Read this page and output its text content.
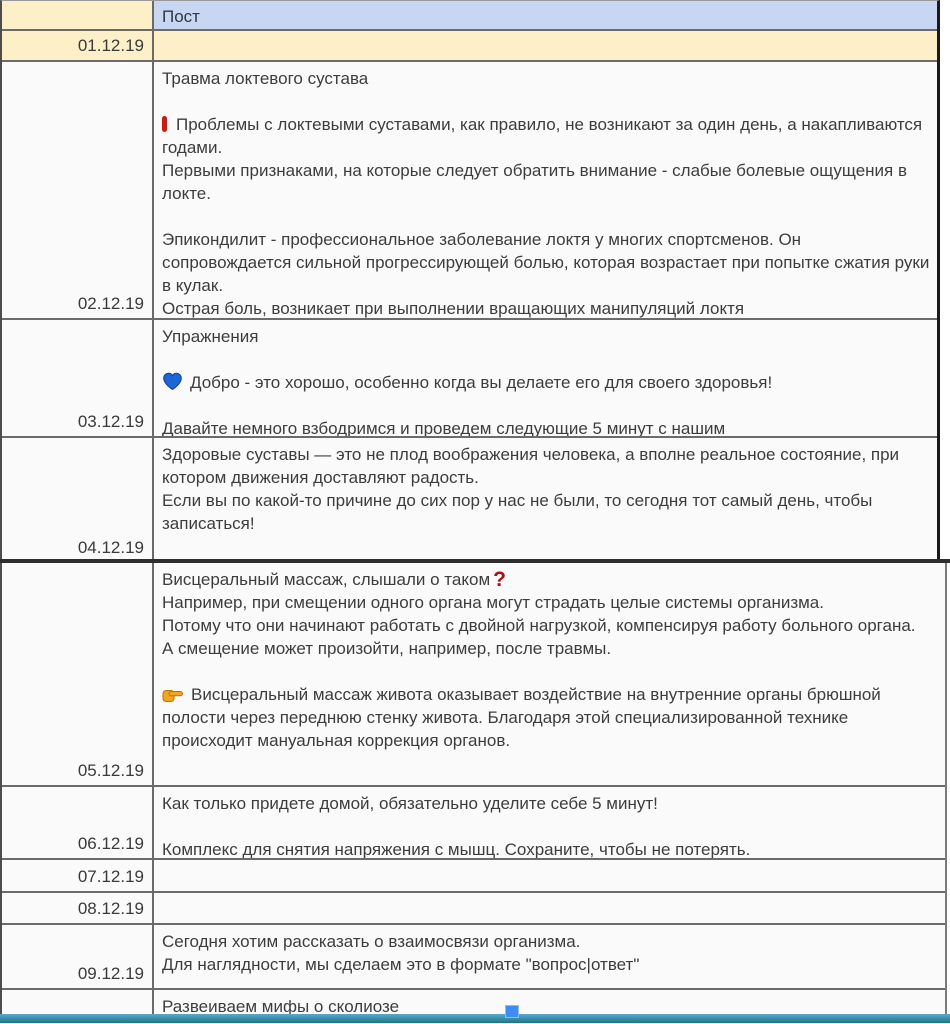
Пост
01.12.19
02.12.19
Травма локтевого сустава
Проблемы с локтевыми суставами, как правило, не возникают за один день, а накапливаются годами.
Первыми признаками, на которые следует обратить внимание - слабые болевые ощущения в локте.
Эпикондилит - профессиональное заболевание локтя у многих спортсменов. Он сопровождается сильной прогрессирующей болью, которая возрастает при попытке сжатия руки в кулак.
Острая боль, возникает при выполнении вращающих манипуляций локтя
03.12.19
Упражнения
Добро - это хорошо, особенно когда вы делаете его для своего здоровья!
Давайте немного взбодримся и проведем следующие 5 минут с нашим
04.12.19
Здоровые суставы — это не плод воображения человека, а вполне реальное состояние, при котором движения доставляют радость.
Если вы по какой-то причине до сих пор у нас не были, то сегодня тот самый день, чтобы записаться!
05.12.19
Висцеральный массаж, слышали о таком ?
Например, при смещении одного органа могут страдать целые системы организма.
Потому что они начинают работать с двойной нагрузкой, компенсируя работу больного органа.
А смещение может произойти, например, после травмы.
Висцеральный массаж живота оказывает воздействие на внутренние органы брюшной полости через переднюю стенку живота. Благодаря этой специализированной технике происходит мануальная коррекция органов.
06.12.19
Как только придете домой, обязательно уделите себе 5 минут!
Комплекс для снятия напряжения с мышц. Сохраните, чтобы не потерять.
07.12.19
08.12.19
09.12.19
Сегодня хотим рассказать о взаимосвязи организма.
Для наглядности, мы сделаем это в формате "вопрос|ответ"
Развеиваем мифы о сколиозе
